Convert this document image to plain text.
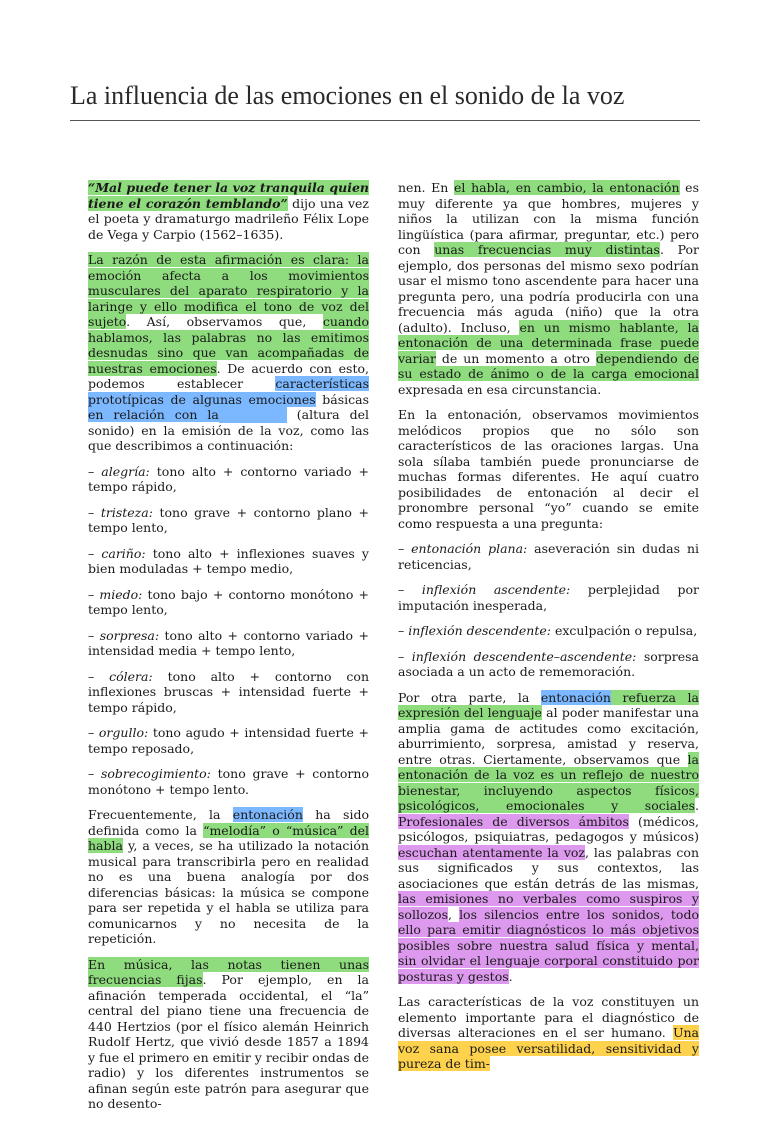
La influencia de las emociones en el sonido de la voz

“Mal puede tener la voz tranquila quien tiene el corazón temblando” dijo una vez el poeta y dramaturgo madrileño Félix Lope de Vega y Carpio (1562–1635).

La razón de esta afirmación es clara: la emoción afecta a los movimientos musculares del aparato respiratorio y la laringe y ello modifica el tono de voz del sujeto. Así, observamos que, cuando hablamos, las palabras no las emitimos desnudas sino que van acompañadas de nuestras emociones. De acuerdo con esto, podemos establecer características prototípicas de algunas emociones básicas en relación con la	(altura del sonido) en la emisión de la voz, como las que describimos a continuación:

– alegría: tono alto + contorno variado + tempo rápido,

– tristeza: tono grave + contorno plano + tempo lento,

– cariño: tono alto + inflexiones suaves y bien moduladas + tempo medio,

– miedo: tono bajo + contorno monótono + tempo lento,

– sorpresa: tono alto + contorno variado + intensidad media + tempo lento,

– cólera: tono alto + contorno con inflexiones bruscas + intensidad fuerte + tempo rápido,

– orgullo: tono agudo + intensidad fuerte + tempo reposado,

– sobrecogimiento: tono grave + contorno monótono + tempo lento.

Frecuentemente, la entonación ha sido definida como la “melodía” o “música” del habla y, a veces, se ha utilizado la notación musical para transcribirla pero en realidad no es una buena analogía por dos diferencias básicas: la música se compone para ser repetida y el habla se utiliza para comunicarnos y no necesita de la repetición.

En música, las notas tienen unas frecuencias fijas. Por ejemplo, en la afinación temperada occidental, el “la” central del piano tiene una frecuencia de 440 Hertzios (por el físico alemán Heinrich Rudolf Hertz, que vivió desde 1857 a 1894 y fue el primero en emitir y recibir ondas de radio) y los diferentes instrumentos se afinan según este patrón para asegurar que no desento-

nen. En el habla, en cambio, la entonación es muy diferente ya que hombres, mujeres y niños la utilizan con la misma función lingüística (para afirmar, preguntar, etc.) pero con unas frecuencias muy distintas. Por ejemplo, dos personas del mismo sexo podrían usar el mismo tono ascendente para hacer una pregunta pero, una podría producirla con una frecuencia más aguda (niño) que la otra (adulto). Incluso, en un mismo hablante, la entonación de una determinada frase puede variar de un momento a otro dependiendo de su estado de ánimo o de la carga emocional expresada en esa circunstancia.

En la entonación, observamos movimientos melódicos propios que no sólo son característicos de las oraciones largas. Una sola sílaba también puede pronunciarse de muchas formas diferentes. He aquí cuatro posibilidades de entonación al decir el pronombre personal “yo” cuando se emite como respuesta a una pregunta:

– entonación plana: aseveración sin dudas ni reticencias,

– inflexión ascendente: perplejidad por imputación inesperada,

– inflexión descendente: exculpación o repulsa,

– inflexión descendente–ascendente: sorpresa asociada a un acto de rememoración.

Por otra parte, la entonación refuerza la expresión del lenguaje al poder manifestar una amplia gama de actitudes como excitación, aburrimiento, sorpresa, amistad y reserva, entre otras. Ciertamente, observamos que la entonación de la voz es un reflejo de nuestro bienestar, incluyendo aspectos físicos, psicológicos, emocionales y sociales. Profesionales de diversos ámbitos (médicos, psicólogos, psiquiatras, pedagogos y músicos) escuchan atentamente la voz, las palabras con sus significados y sus contextos, las asociaciones que están detrás de las mismas, las emisiones no verbales como suspiros y sollozos, los silencios entre los sonidos, todo ello para emitir diagnósticos lo más objetivos posibles sobre nuestra salud física y mental, sin olvidar el lenguaje corporal constituido por posturas y gestos.

Las características de la voz constituyen un elemento importante para el diagnóstico de diversas alteraciones en el ser humano. Una voz sana posee versatilidad, sensitividad y pureza de tim-
